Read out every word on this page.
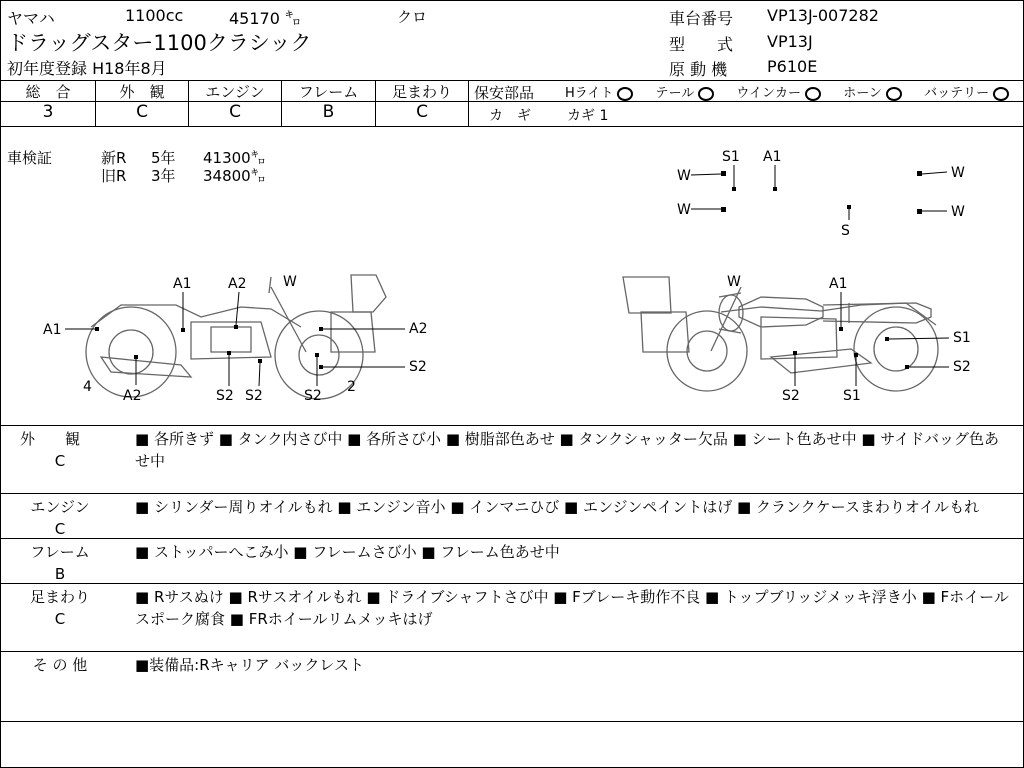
ヤマハ	1100cc	45170 ㌔	クロ
ドラッグスター1100クラシック
初年度登録 H18年8月
車台番号 VP13J-007282
型　　式 VP13J
原 動 機 P610E
総　合	外　観	エンジン	フレーム	足まわり
3	C	C	B	C
保安部品 Hライト	テール	ウインカー	ホーン	バッテリー
カ　ギ	カギ 1
車検証	新R 5年 41300㌔
旧R 3年 34800㌔	W
W
S1 A1
W
W
S
A1	A2	W
A1	A2
S2
4
A2	S2 S2	S2
2
W	A1
S1
S2
S2	S1
外　　観
C
■ 各所きず ■ タンク内さび中 ■ 各所さび小 ■ 樹脂部色あせ ■ タンクシャッター欠品 ■ シート色あせ中 ■ サイドバッグ色あせ中
エンジン
C
■ シリンダー周りオイルもれ ■ エンジン音小 ■ インマニひび ■ エンジンペイントはげ ■ クランクケースまわりオイルもれ
フレーム
B
■ ストッパーへこみ小 ■ フレームさび小 ■ フレーム色あせ中
足まわり
C
■ Rサスぬけ ■ Rサスオイルもれ ■ ドライブシャフトさび中 ■ Fブレーキ動作不良 ■ トップブリッジメッキ浮き小 ■ Fホイールスポーク腐食 ■ FRホイールリムメッキはげ
そ の 他	■装備品:Rキャリア バックレスト
